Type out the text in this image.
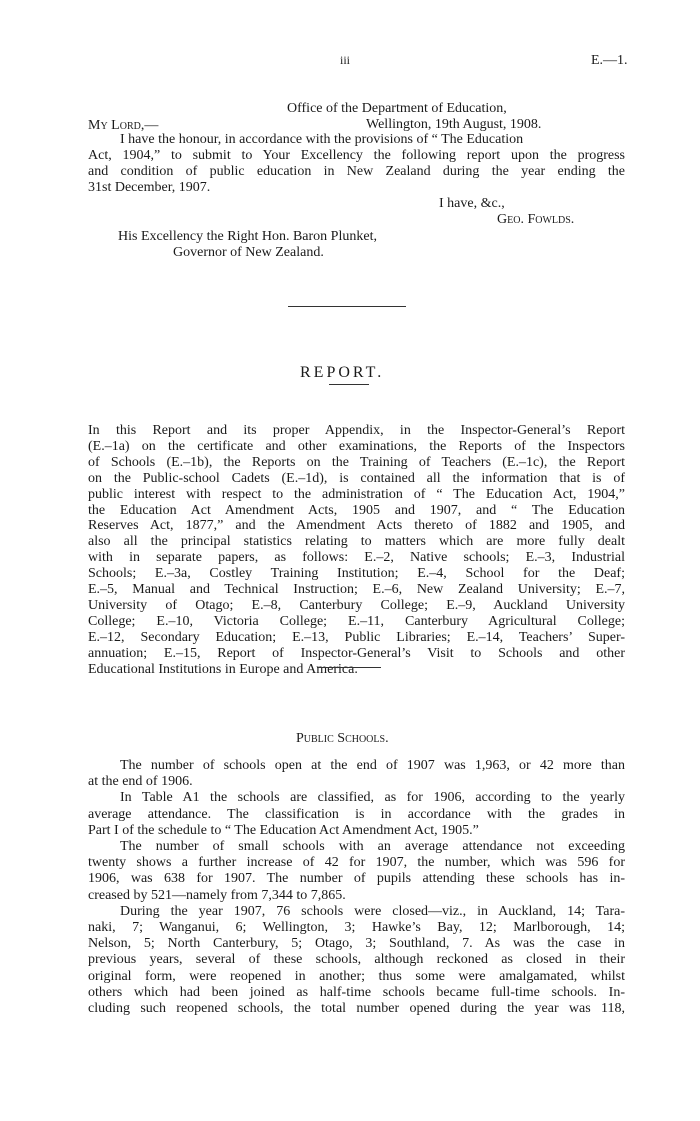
iii	E.—1.
Office of the Department of Education,
My Lord,—	Wellington, 19th August, 1908.
I have the honour, in accordance with the provisions of “ The Education
Act, 1904,” to submit to Your Excellency the following report upon the progress
and condition of public education in New Zealand during the year ending the
31st December, 1907.
I have, &c.,
Geo. Fowlds.
His Excellency the Right Hon. Baron Plunket,
Governor of New Zealand.
REPORT.
In this Report and its proper Appendix, in the Inspector-General’s Report
(E.–1a) on the certificate and other examinations, the Reports of the Inspectors
of Schools (E.–1b), the Reports on the Training of Teachers (E.–1c), the Report
on the Public-school Cadets (E.–1d), is contained all the information that is of
public interest with respect to the administration of “ The Education Act, 1904,”
the Education Act Amendment Acts, 1905 and 1907, and “ The Education
Reserves Act, 1877,” and the Amendment Acts thereto of 1882 and 1905, and
also all the principal statistics relating to matters which are more fully dealt
with in separate papers, as follows: E.–2, Native schools; E.–3, Industrial
Schools; E.–3a, Costley Training Institution; E.–4, School for the Deaf;
E.–5, Manual and Technical Instruction; E.–6, New Zealand University; E.–7,
University of Otago; E.–8, Canterbury College; E.–9, Auckland University
College; E.–10, Victoria College; E.–11, Canterbury Agricultural College;
E.–12, Secondary Education; E.–13, Public Libraries; E.–14, Teachers’ Super-
annuation; E.–15, Report of Inspector-General’s Visit to Schools and other
Educational Institutions in Europe and America.
Public Schools.
The number of schools open at the end of 1907 was 1,963, or 42 more than
at the end of 1906.
In Table A1 the schools are classified, as for 1906, according to the yearly
average attendance. The classification is in accordance with the grades in
Part I of the schedule to “ The Education Act Amendment Act, 1905.”
The number of small schools with an average attendance not exceeding
twenty shows a further increase of 42 for 1907, the number, which was 596 for
1906, was 638 for 1907. The number of pupils attending these schools has in-
creased by 521—namely from 7,344 to 7,865.
During the year 1907, 76 schools were closed—viz., in Auckland, 14; Tara-
naki, 7; Wanganui, 6; Wellington, 3; Hawke’s Bay, 12; Marlborough, 14;
Nelson, 5; North Canterbury, 5; Otago, 3; Southland, 7. As was the case in
previous years, several of these schools, although reckoned as closed in their
original form, were reopened in another; thus some were amalgamated, whilst
others which had been joined as half-time schools became full-time schools. In-
cluding such reopened schools, the total number opened during the year was 118,
